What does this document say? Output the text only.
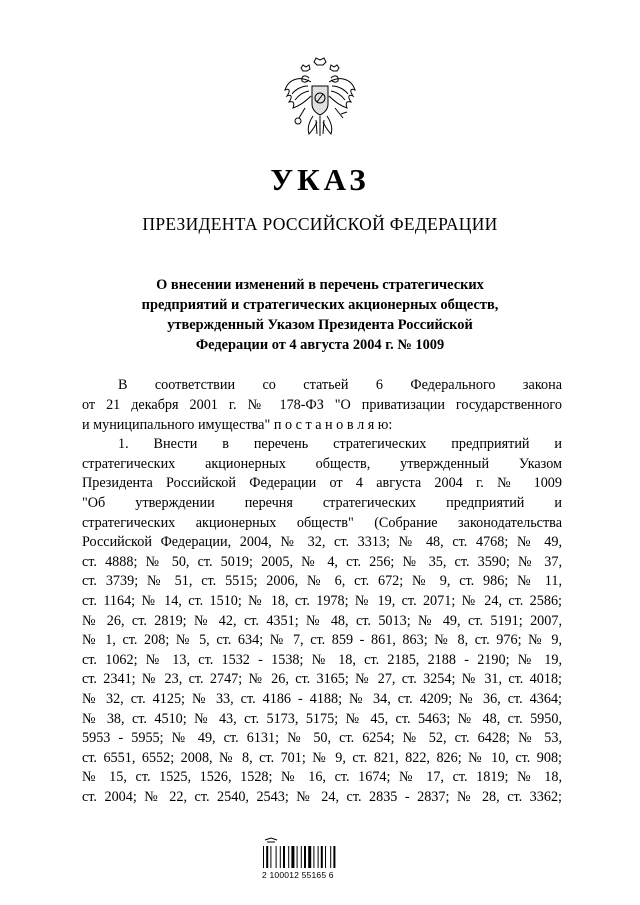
УКАЗ
ПРЕЗИДЕНТА РОССИЙСКОЙ ФЕДЕРАЦИИ
О внесении изменений в перечень стратегических
предприятий и стратегических акционерных обществ,
утвержденный Указом Президента Российской
Федерации от 4 августа 2004 г. № 1009
В соответствии со статьей 6 Федерального закона
от 21 декабря 2001 г. № 178-ФЗ "О приватизации государственного
и муниципального имущества" п о с т а н о в л я ю:
1. Внести в перечень стратегических предприятий и
стратегических акционерных обществ, утвержденный Указом
Президента Российской Федерации от 4 августа 2004 г. № 1009
"Об утверждении перечня стратегических предприятий и
стратегических акционерных обществ" (Собрание законодательства
Российской Федерации, 2004, № 32, ст. 3313; № 48, ст. 4768; № 49,
ст. 4888; № 50, ст. 5019; 2005, № 4, ст. 256; № 35, ст. 3590; № 37,
ст. 3739; № 51, ст. 5515; 2006, № 6, ст. 672; № 9, ст. 986; № 11,
ст. 1164; № 14, ст. 1510; № 18, ст. 1978; № 19, ст. 2071; № 24, ст. 2586;
№ 26, ст. 2819; № 42, ст. 4351; № 48, ст. 5013; № 49, ст. 5191; 2007,
№ 1, ст. 208; № 5, ст. 634; № 7, ст. 859 - 861, 863; № 8, ст. 976; № 9,
ст. 1062; № 13, ст. 1532 - 1538; № 18, ст. 2185, 2188 - 2190; № 19,
ст. 2341; № 23, ст. 2747; № 26, ст. 3165; № 27, ст. 3254; № 31, ст. 4018;
№ 32, ст. 4125; № 33, ст. 4186 - 4188; № 34, ст. 4209; № 36, ст. 4364;
№ 38, ст. 4510; № 43, ст. 5173, 5175; № 45, ст. 5463; № 48, ст. 5950,
5953 - 5955; № 49, ст. 6131; № 50, ст. 6254; № 52, ст. 6428; № 53,
ст. 6551, 6552; 2008, № 8, ст. 701; № 9, ст. 821, 822, 826; № 10, ст. 908;
№ 15, ст. 1525, 1526, 1528; № 16, ст. 1674; № 17, ст. 1819; № 18,
ст. 2004; № 22, ст. 2540, 2543; № 24, ст. 2835 - 2837; № 28, ст. 3362;
2 100012 55165 6
